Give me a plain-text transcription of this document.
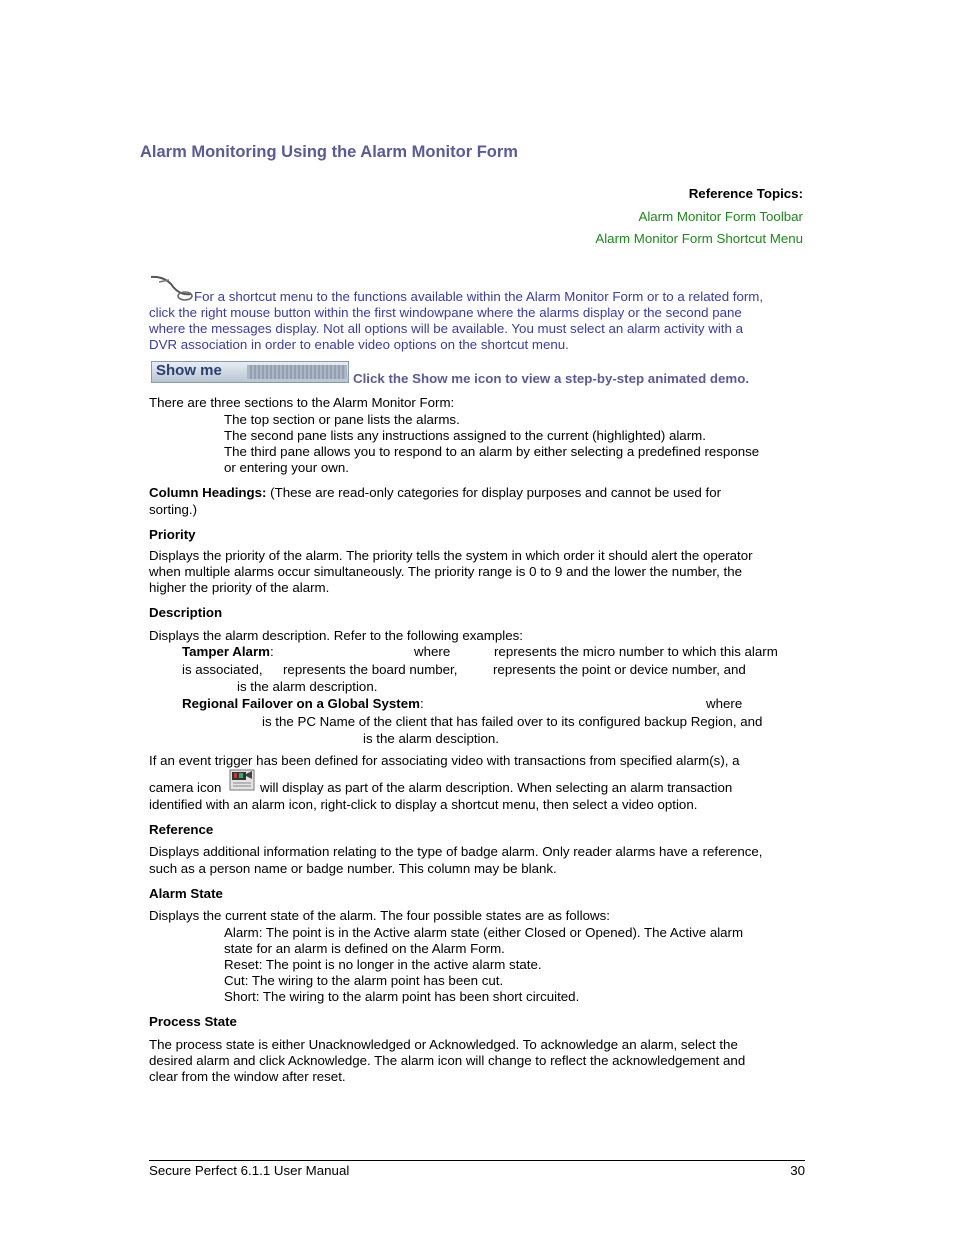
Alarm Monitoring Using the Alarm Monitor Form
Reference Topics:
Alarm Monitor Form Toolbar
Alarm Monitor Form Shortcut Menu
For a shortcut menu to the functions available within the Alarm Monitor Form or to a related form,
click the right mouse button within the first windowpane where the alarms display or the second pane
where the messages display. Not all options will be available. You must select an alarm activity with a
DVR association in order to enable video options on the shortcut menu.
Show me	Click the Show me icon to view a step-by-step animated demo.
There are three sections to the Alarm Monitor Form:
The top section or pane lists the alarms.
The second pane lists any instructions assigned to the current (highlighted) alarm.
The third pane allows you to respond to an alarm by either selecting a predefined response
or entering your own.
Column Headings: (These are read-only categories for display purposes and cannot be used for
sorting.)
Priority
Displays the priority of the alarm. The priority tells the system in which order it should alert the operator
when multiple alarms occur simultaneously. The priority range is 0 to 9 and the lower the number, the
higher the priority of the alarm.
Description
Displays the alarm description. Refer to the following examples:
Tamper Alarm:	where	represents the micro number to which this alarm
is associated, represents the board number,	represents the point or device number, and
is the alarm description.
Regional Failover on a Global System:	where
is the PC Name of the client that has failed over to its configured backup Region, and
is the alarm desciption.
If an event trigger has been defined for associating video with transactions from specified alarm(s), a
camera icon	will display as part of the alarm description. When selecting an alarm transaction
identified with an alarm icon, right-click to display a shortcut menu, then select a video option.
Reference
Displays additional information relating to the type of badge alarm. Only reader alarms have a reference,
such as a person name or badge number. This column may be blank.
Alarm State
Displays the current state of the alarm. The four possible states are as follows:
Alarm: The point is in the Active alarm state (either Closed or Opened). The Active alarm
state for an alarm is defined on the Alarm Form.
Reset: The point is no longer in the active alarm state.
Cut: The wiring to the alarm point has been cut.
Short: The wiring to the alarm point has been short circuited.
Process State
The process state is either Unacknowledged or Acknowledged. To acknowledge an alarm, select the
desired alarm and click Acknowledge. The alarm icon will change to reflect the acknowledgement and
clear from the window after reset.
Secure Perfect 6.1.1 User Manual	30
